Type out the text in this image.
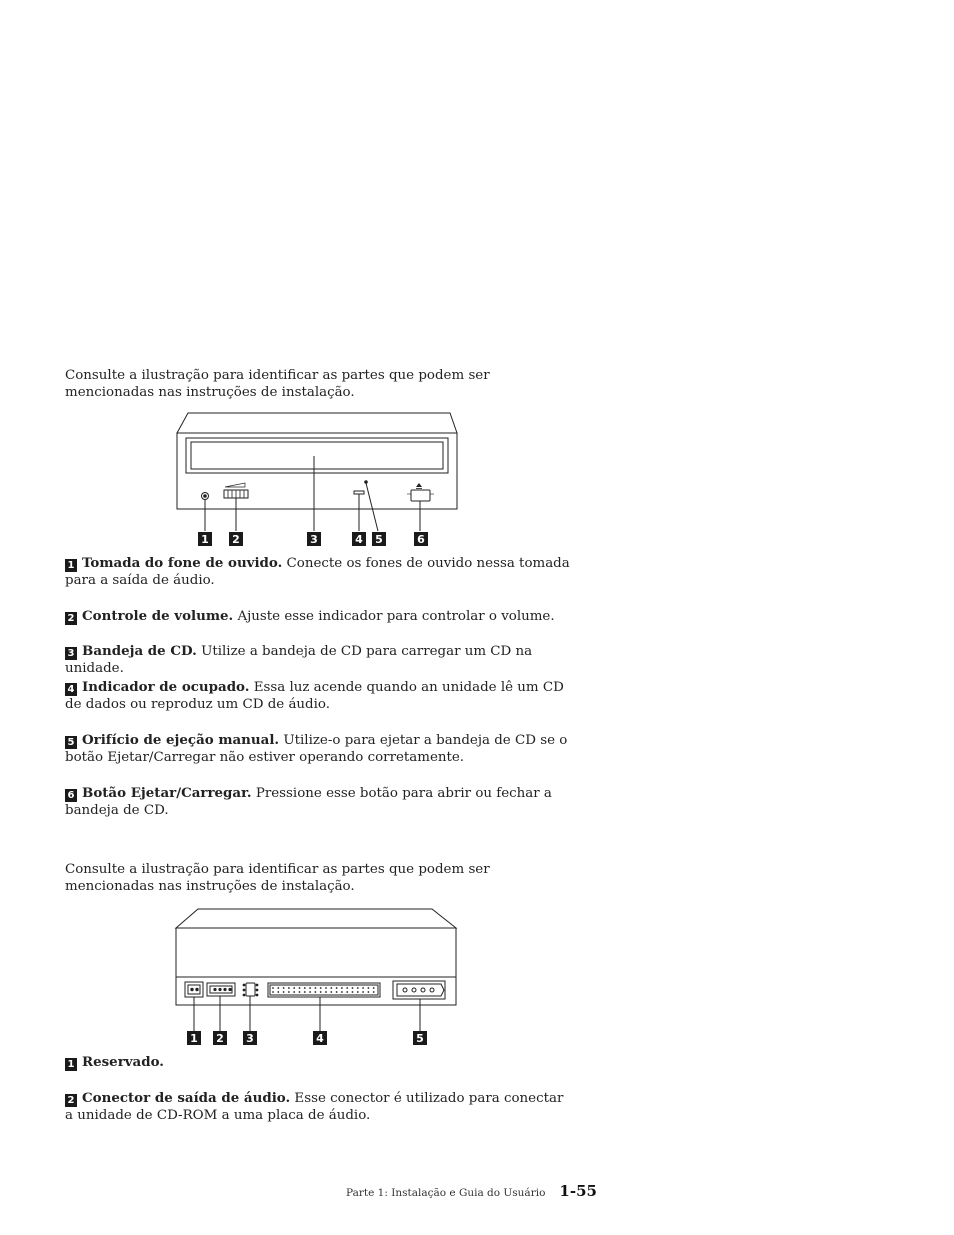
Consulte a ilustração para identificar as partes que podem ser mencionadas nas instruções de instalação.
1 2	3	4 5	6
1 Tomada do fone de ouvido. Conecte os fones de ouvido nessa tomada para a saída de áudio.
2 Controle de volume. Ajuste esse indicador para controlar o volume.
3 Bandeja de CD. Utilize a bandeja de CD para carregar um CD na unidade.
4 Indicador de ocupado. Essa luz acende quando an unidade lê um CD de dados ou reproduz um CD de áudio.
5 Orifício de ejeção manual. Utilize-o para ejetar a bandeja de CD se o botão Ejetar/Carregar não estiver operando corretamente.
6 Botão Ejetar/Carregar. Pressione esse botão para abrir ou fechar a bandeja de CD.
Consulte a ilustração para identificar as partes que podem ser mencionadas nas instruções de instalação.
1 2 3	4	5
1 Reservado.
2 Conector de saída de áudio. Esse conector é utilizado para conectar a unidade de CD-ROM a uma placa de áudio.
Parte 1: Instalação e Guia do Usuário 1-55
